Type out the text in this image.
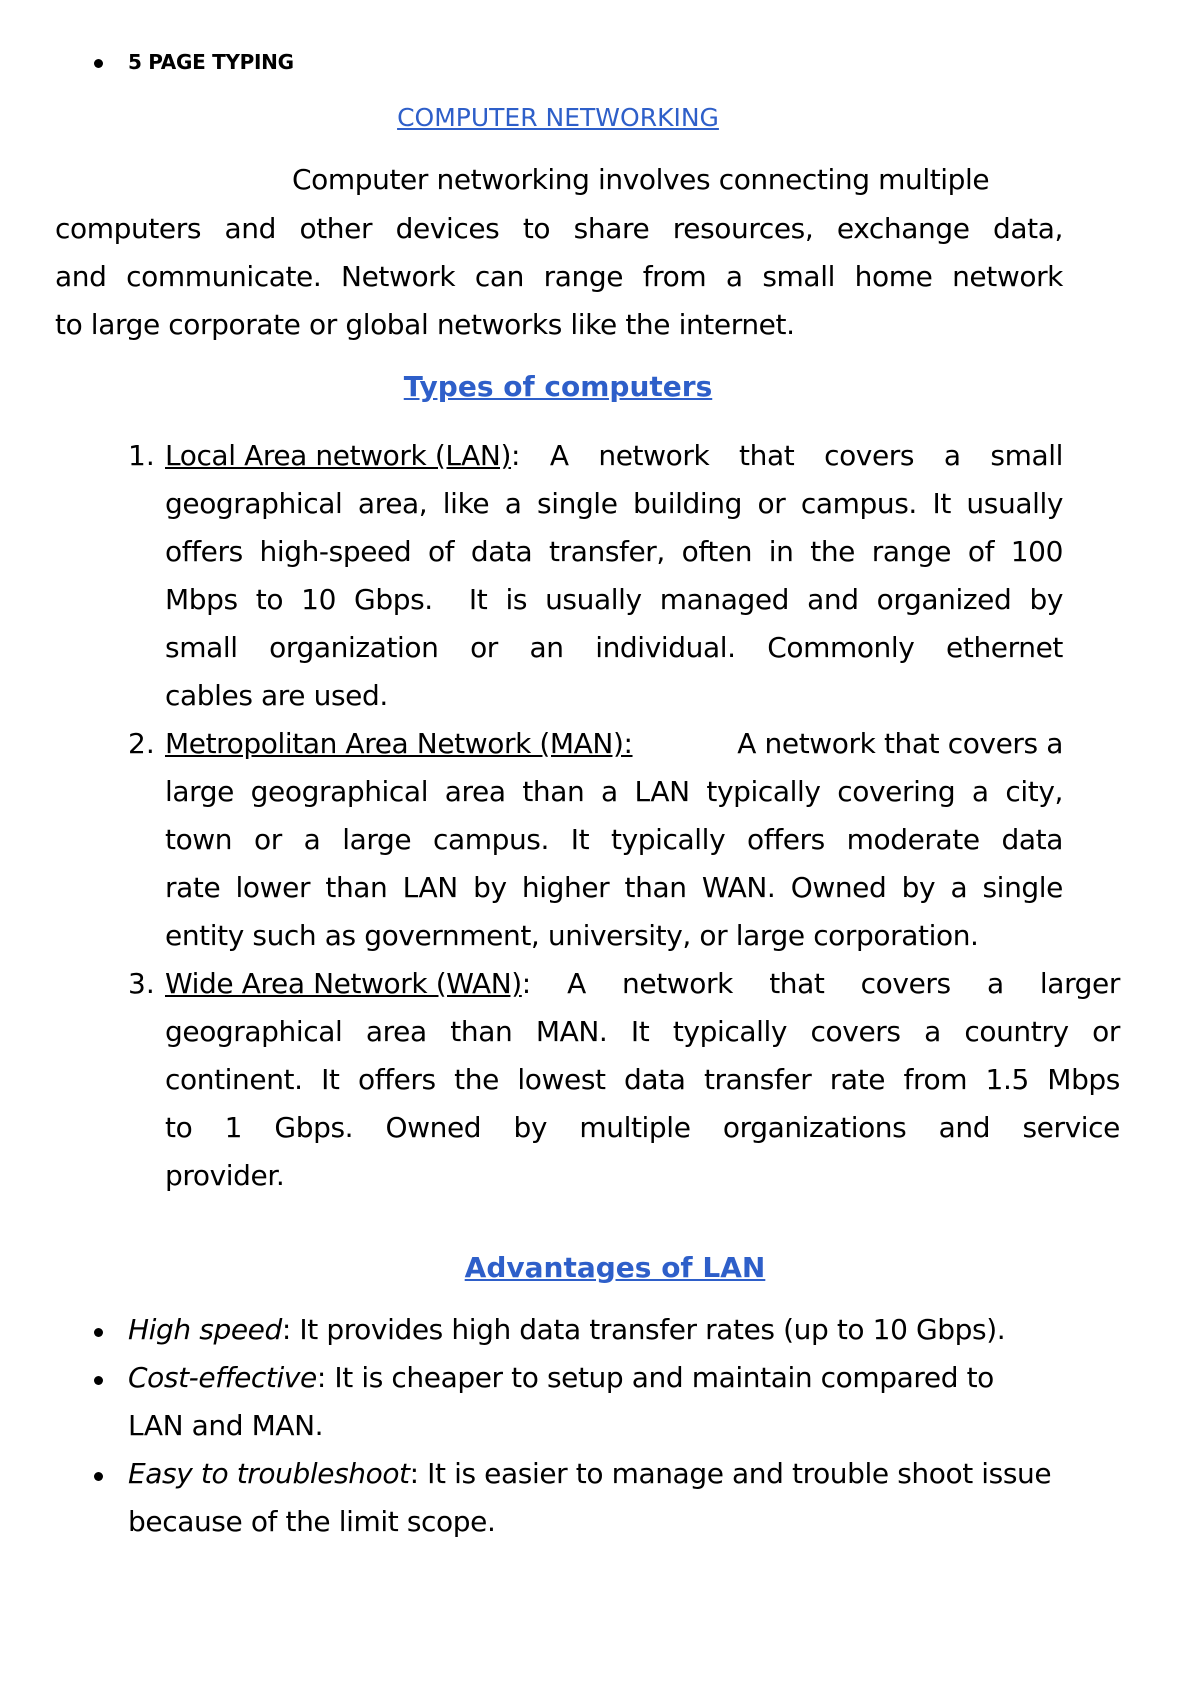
5 PAGE TYPING
COMPUTER NETWORKING
Computer networking involves connecting multiple
computers and other devices to share resources, exchange data,
and communicate. Network can range from a small home network
to large corporate or global networks like the internet.
Types of computers
1. Local Area network (LAN) : A network that covers a small
geographical area, like a single building or campus. It usually
offers high-speed of data transfer, often in the range of 100
Mbps to 10 Gbps.  It is usually managed and organized by
small organization or an individual. Commonly ethernet
cables are used.
2. Metropolitan Area Network (MAN):	A network that covers a
large geographical area than a LAN typically covering a city,
town or a large campus. It typically offers moderate data
rate lower than LAN by higher than WAN. Owned by a single
entity such as government, university, or large corporation.
3. Wide Area Network (WAN) : A network that covers a larger
geographical area than MAN. It typically covers a country or
continent. It offers the lowest data transfer rate from 1.5 Mbps
to 1 Gbps. Owned by multiple organizations and service
provider.
Advantages of LAN
High speed: It provides high data transfer rates (up to 10 Gbps).
Cost-effective: It is cheaper to setup and maintain compared to
LAN and MAN.
Easy to troubleshoot: It is easier to manage and trouble shoot issue
because of the limit scope.
